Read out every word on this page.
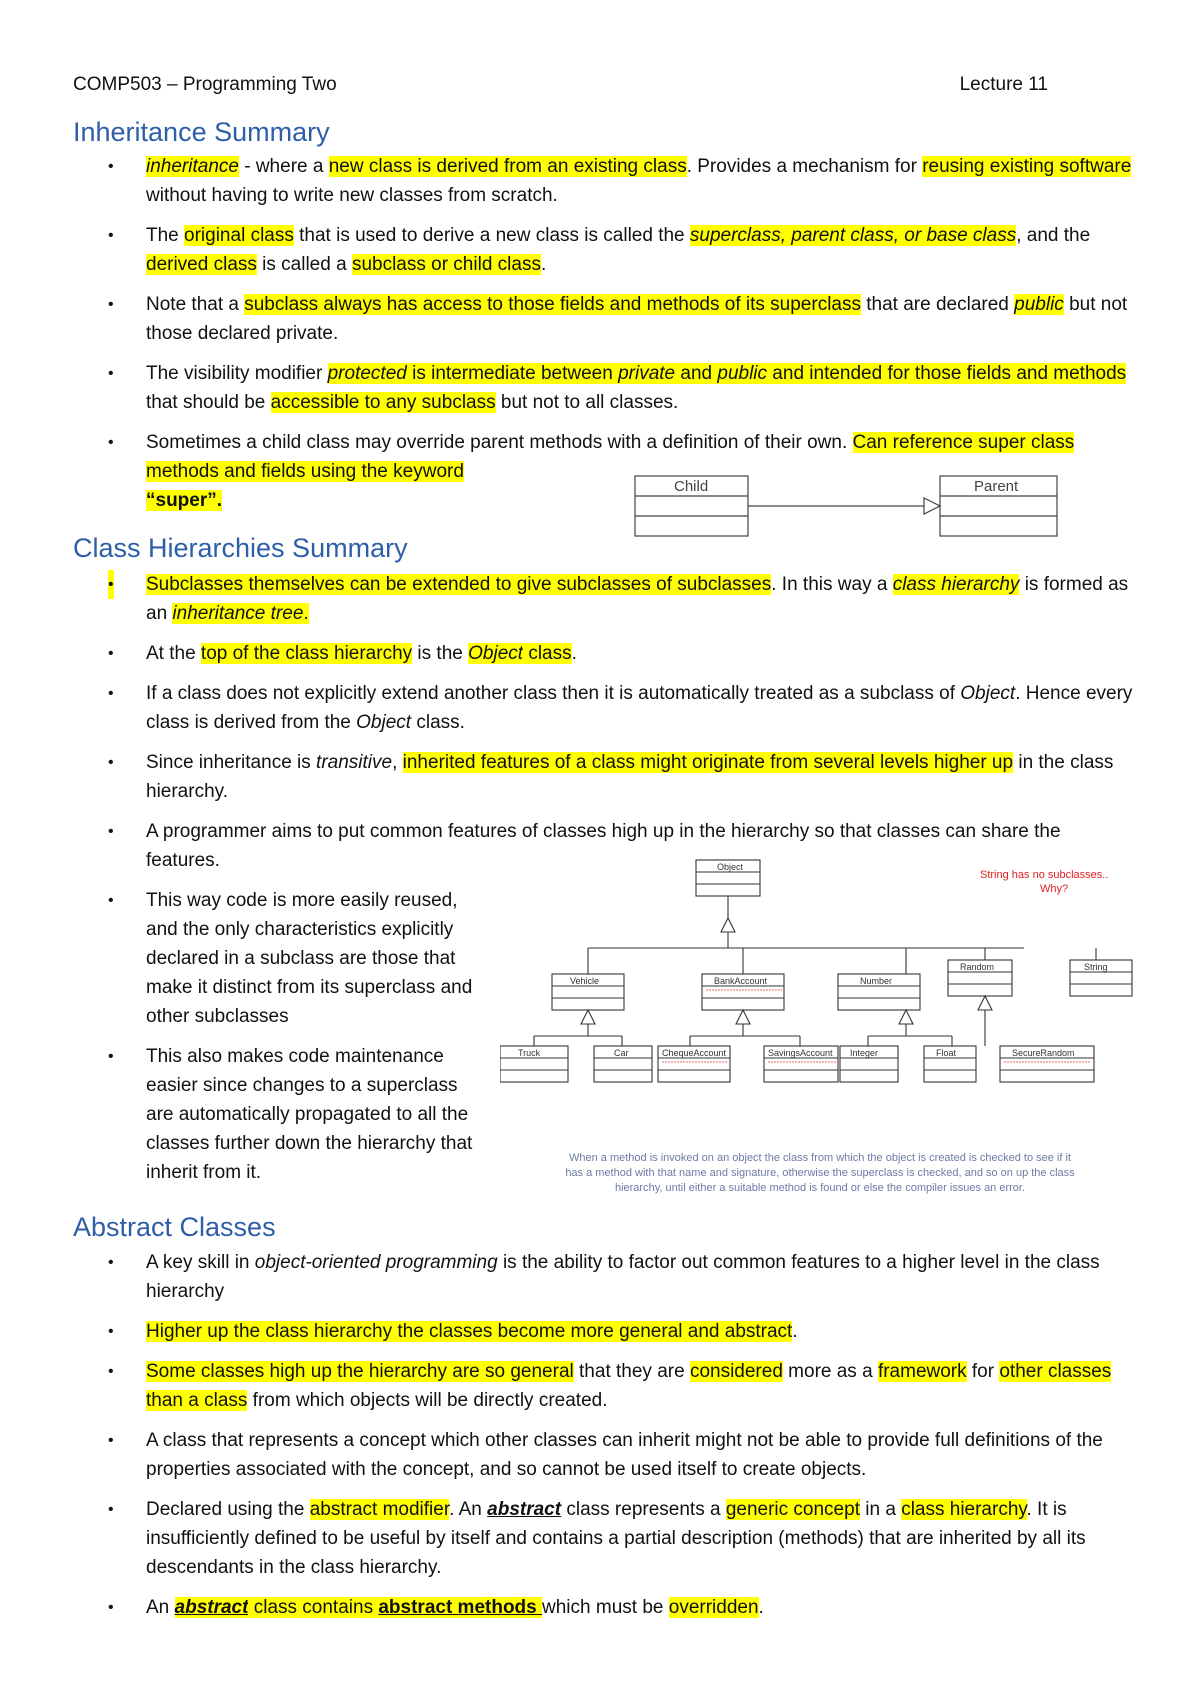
COMP503 – Programming Two	Lecture 11
Inheritance Summary
• inheritance - where a new class is derived from an existing class. Provides a mechanism for reusing existing software without having to write new classes from scratch.
• The original class that is used to derive a new class is called the superclass, parent class, or base class, and the derived class is called a subclass or child class.
• Note that a subclass always has access to those fields and methods of its superclass that are declared public but not those declared private.
• The visibility modifier protected is intermediate between private and public and intended for those fields and methods that should be accessible to any subclass but not to all classes.
• Sometimes a child class may override parent methods with a definition of their own. Can reference super class methods and fields using the keyword
“super”.
Child	Parent
Class Hierarchies Summary
• • Subclasses themselves can be extended to give subclasses of subclasses. In this way a class hierarchy is formed as an inheritance tree.
• At the top of the class hierarchy is the Object class.
• If a class does not explicitly extend another class then it is automatically treated as a subclass of Object. Hence every class is derived from the Object class.
• Since inheritance is transitive, inherited features of a class might originate from several levels higher up in the class hierarchy.
• A programmer aims to put common features of classes high up in the hierarchy so that classes can share the features.
• This way code is more easily reused, and the only characteristics explicitly declared in a subclass are those that make it distinct from its superclass and other subclasses
• This also makes code maintenance easier since changes to a superclass are automatically propagated to all the classes further down the hierarchy that inherit from it.
Object
Vehicle	BankAccount	Number
Random	String
Truck	Car	ChequeAccount	SavingsAccount Integer	Float	SecureRandom
String has no subclasses..
Why?
When a method is invoked on an object the class from which the object is created is checked to see if it
has a method with that name and signature, otherwise the superclass is checked, and so on up the class
hierarchy, until either a suitable method is found or else the compiler issues an error.
Abstract Classes
• A key skill in object-oriented programming is the ability to factor out common features to a higher level in the class hierarchy
• Higher up the class hierarchy the classes become more general and abstract.
• Some classes high up the hierarchy are so general that they are considered more as a framework for other classes than a class from which objects will be directly created.
• A class that represents a concept which other classes can inherit might not be able to provide full definitions of the properties associated with the concept, and so cannot be used itself to create objects.
• Declared using the abstract modifier. An abstract class represents a generic concept in a class hierarchy. It is insufficiently defined to be useful by itself and contains a partial description (methods) that are inherited by all its descendants in the class hierarchy.
• An abstract class contains abstract methods which must be overridden.
